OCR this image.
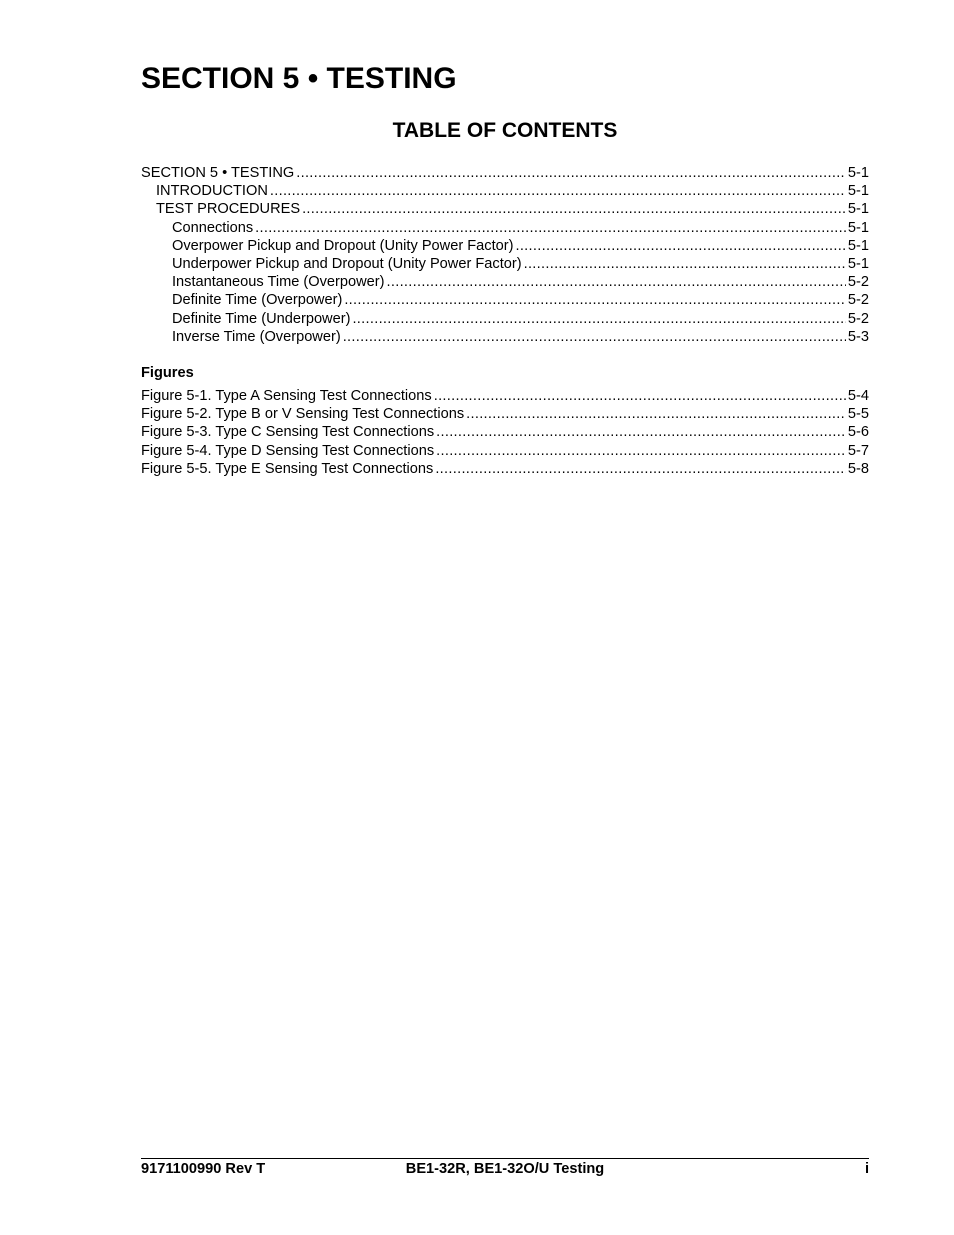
SECTION 5 • TESTING
TABLE OF CONTENTS
SECTION 5 • TESTING .....	5-1
INTRODUCTION .....	5-1
TEST PROCEDURES .....	5-1
Connections .....	5-1
Overpower Pickup and Dropout (Unity Power Factor) .....	5-1
Underpower Pickup and Dropout (Unity Power Factor) .....	5-1
Instantaneous Time (Overpower) .....	5-2
Definite Time (Overpower) .....	5-2
Definite Time (Underpower) .....	5-2
Inverse Time (Overpower) .....	5-3
Figures
Figure 5-1. Type A Sensing Test Connections .....	5-4
Figure 5-2. Type B or V Sensing Test Connections .....	5-5
Figure 5-3. Type C Sensing Test Connections .....	5-6
Figure 5-4. Type D Sensing Test Connections .....	5-7
Figure 5-5. Type E Sensing Test Connections .....	5-8
9171100990 Rev T	BE1-32R, BE1-32O/U Testing	i
